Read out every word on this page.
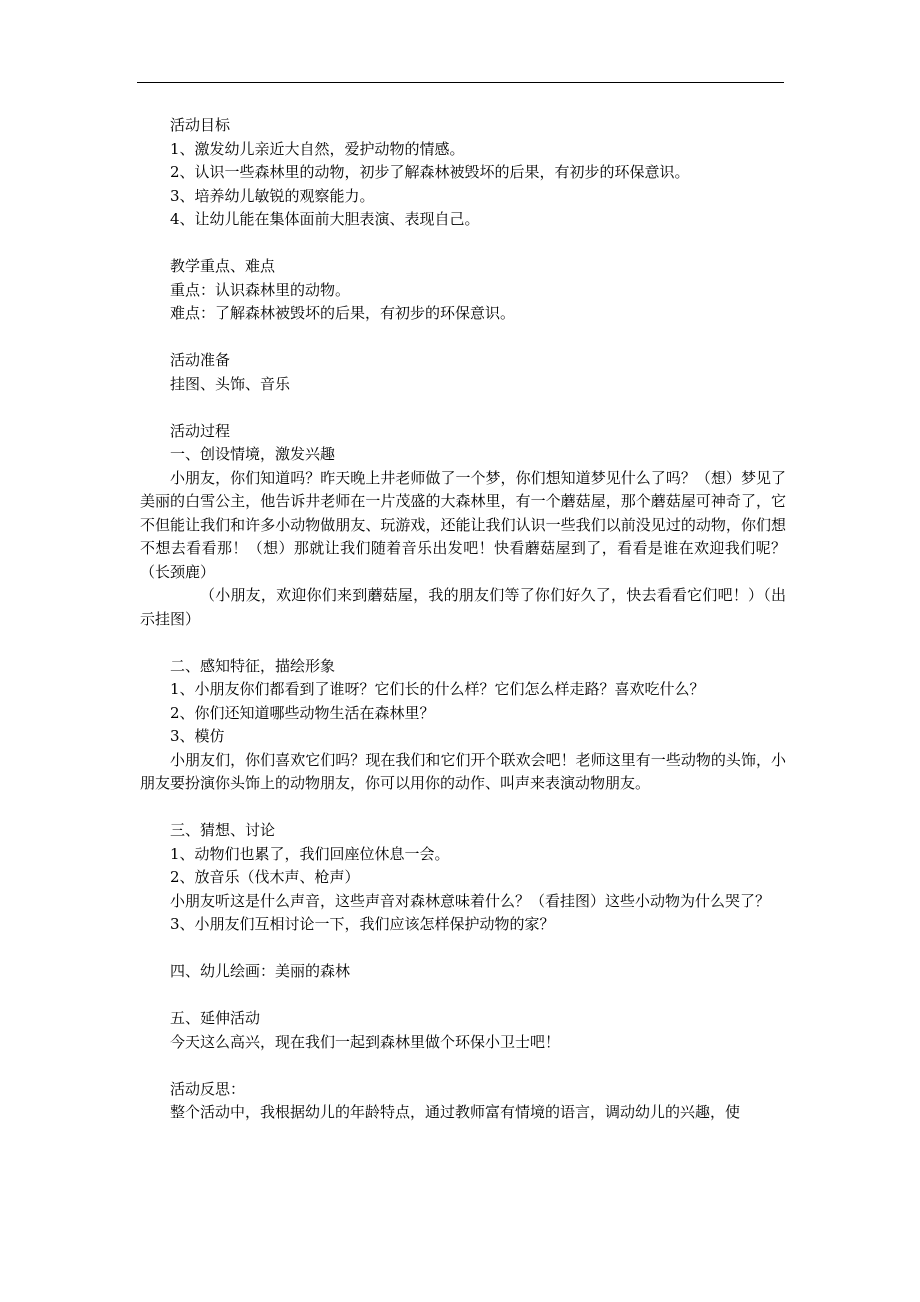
活动目标
1、激发幼儿亲近大自然，爱护动物的情感。
2、认识一些森林里的动物，初步了解森林被毁坏的后果，有初步的环保意识。
3、培养幼儿敏锐的观察能力。
4、让幼儿能在集体面前大胆表演、表现自己。
教学重点、难点
重点：认识森林里的动物。
难点：了解森林被毁坏的后果，有初步的环保意识。
活动准备
挂图、头饰、音乐
活动过程
一、创设情境，激发兴趣
小朋友，你们知道吗？昨天晚上井老师做了一个梦，你们想知道梦见什么了吗？（想）梦见了美丽的白雪公主，他告诉井老师在一片茂盛的大森林里，有一个蘑菇屋，那个蘑菇屋可神奇了，它不但能让我们和许多小动物做朋友、玩游戏，还能让我们认识一些我们以前没见过的动物，你们想不想去看看那！（想）那就让我们随着音乐出发吧！快看蘑菇屋到了，看看是谁在欢迎我们呢？（长颈鹿）
（小朋友，欢迎你们来到蘑菇屋，我的朋友们等了你们好久了，快去看看它们吧！）（出示挂图）
二、感知特征，描绘形象
1、小朋友你们都看到了谁呀？它们长的什么样？它们怎么样走路？喜欢吃什么？
2、你们还知道哪些动物生活在森林里？
3、模仿
小朋友们，你们喜欢它们吗？现在我们和它们开个联欢会吧！老师这里有一些动物的头饰，小朋友要扮演你头饰上的动物朋友，你可以用你的动作、叫声来表演动物朋友。
三、猜想、讨论
1、动物们也累了，我们回座位休息一会。
2、放音乐（伐木声、枪声）
小朋友听这是什么声音，这些声音对森林意味着什么？（看挂图）这些小动物为什么哭了？
3、小朋友们互相讨论一下，我们应该怎样保护动物的家？
四、幼儿绘画：美丽的森林
五、延伸活动
今天这么高兴，现在我们一起到森林里做个环保小卫士吧！
活动反思：
整个活动中，我根据幼儿的年龄特点，通过教师富有情境的语言，调动幼儿的兴趣，使
